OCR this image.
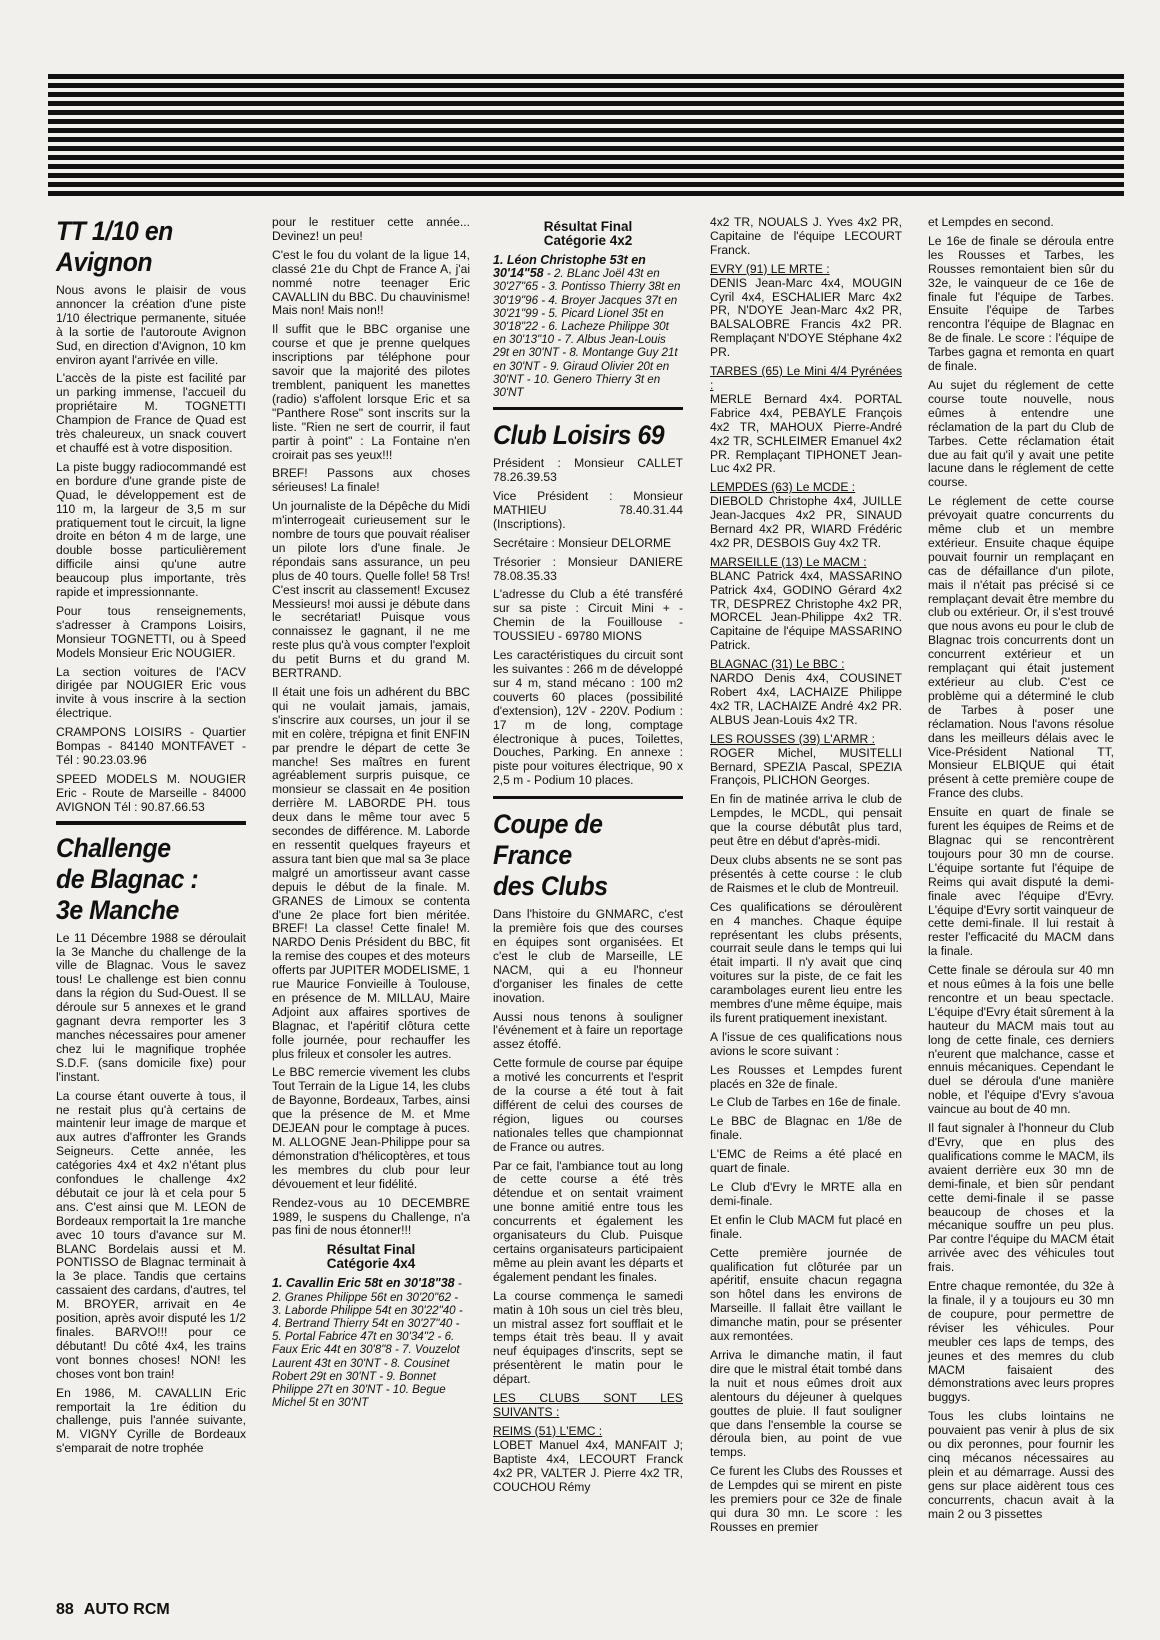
TT 1/10 en
Avignon

Nous avons le plaisir de vous annoncer la création d'une piste 1/10 électrique permanente, située à la sortie de l'autoroute Avignon Sud, en direction d'Avignon, 10 km environ ayant l'arrivée en ville.

L'accès de la piste est facilité par un parking immense, l'accueil du propriétaire M. TOGNETTI Champion de France de Quad est très chaleureux, un snack couvert et chauffé est à votre disposition.

La piste buggy radiocommandé est en bordure d'une grande piste de Quad, le développement est de 110 m, la largeur de 3,5 m sur pratiquement tout le circuit, la ligne droite en béton 4 m de large, une double bosse particulièrement difficile ainsi qu'une autre beaucoup plus importante, très rapide et impressionnante.

Pour tous renseignements, s'adresser à Crampons Loisirs, Monsieur TOGNETTI, ou à Speed Models Monsieur Eric NOUGIER.

La section voitures de l'ACV dirigée par NOUGIER Eric vous invite à vous inscrire à la section électrique.

CRAMPONS LOISIRS - Quartier Bompas - 84140 MONTFAVET - Tél : 90.23.03.96

SPEED MODELS M. NOUGIER Eric - Route de Marseille - 84000 AVIGNON Tél : 90.87.66.53

Challenge
de Blagnac :
3e Manche

Le 11 Décembre 1988 se déroulait la 3e Manche du challenge de la ville de Blagnac. Vous le savez tous! Le challenge est bien connu dans la région du Sud-Ouest. Il se déroule sur 5 annexes et le grand gagnant devra remporter les 3 manches nécessaires pour amener chez lui le magnifique trophée S.D.F. (sans domicile fixe) pour l'instant.

La course étant ouverte à tous, il ne restait plus qu'à certains de maintenir leur image de marque et aux autres d'affronter les Grands Seigneurs. Cette année, les catégories 4x4 et 4x2 n'étant plus confondues le challenge 4x2 débutait ce jour là et cela pour 5 ans. C'est ainsi que M. LEON de Bordeaux remportait la 1re manche avec 10 tours d'avance sur M. BLANC Bordelais aussi et M. PONTISSO de Blagnac terminait à la 3e place. Tandis que certains cassaient des cardans, d'autres, tel M. BROYER, arrivait en 4e position, après avoir disputé les 1/2 finales. BARVO!!! pour ce débutant! Du côté 4x4, les trains vont bonnes choses! NON! les choses vont bon train!

En 1986, M. CAVALLIN Eric remportait la 1re édition du challenge, puis l'année suivante, M. VIGNY Cyrille de Bordeaux s'emparait de notre trophée

pour le restituer cette année... Devinez! un peu!

C'est le fou du volant de la ligue 14, classé 21e du Chpt de France A, j'ai nommé notre teenager Eric CAVALLIN du BBC. Du chauvinisme! Mais non! Mais non!!

Il suffit que le BBC organise une course et que je prenne quelques inscriptions par téléphone pour savoir que la majorité des pilotes tremblent, paniquent les manettes (radio) s'affolent lorsque Eric et sa "Panthere Rose" sont inscrits sur la liste. "Rien ne sert de courrir, il faut partir à point" : La Fontaine n'en croirait pas ses yeux!!!

BREF! Passons aux choses sérieuses! La finale!

Un journaliste de la Dépêche du Midi m'interrogeait curieusement sur le nombre de tours que pouvait réaliser un pilote lors d'une finale. Je répondais sans assurance, un peu plus de 40 tours. Quelle folle! 58 Trs! C'est inscrit au classement! Excusez Messieurs! moi aussi je débute dans le secrétariat! Puisque vous connaissez le gagnant, il ne me reste plus qu'à vous compter l'exploit du petit Burns et du grand M. BERTRAND.

Il était une fois un adhérent du BBC qui ne voulait jamais, jamais, s'inscrire aux courses, un jour il se mit en colère, trépigna et finit ENFIN par prendre le départ de cette 3e manche! Ses maîtres en furent agréablement surpris puisque, ce monsieur se classait en 4e position derrière M. LABORDE PH. tous deux dans le même tour avec 5 secondes de différence. M. Laborde en ressentit quelques frayeurs et assura tant bien que mal sa 3e place malgré un amortisseur avant casse depuis le début de la finale. M. GRANES de Limoux se contenta d'une 2e place fort bien méritée. BREF! La classe! Cette finale! M. NARDO Denis Président du BBC, fit la remise des coupes et des moteurs offerts par JUPITER MODELISME, 1 rue Maurice Fonvieille à Toulouse, en présence de M. MILLAU, Maire Adjoint aux affaires sportives de Blagnac, et l'apéritif clôtura cette folle journée, pour rechauffer les plus frileux et consoler les autres.

Le BBC remercie vivement les clubs Tout Terrain de la Ligue 14, les clubs de Bayonne, Bordeaux, Tarbes, ainsi que la présence de M. et Mme DEJEAN pour le comptage à puces. M. ALLOGNE Jean-Philippe pour sa démonstration d'hélicoptères, et tous les membres du club pour leur dévouement et leur fidélité.

Rendez-vous au 10 DECEMBRE 1989, le suspens du Challenge, n'a pas fini de nous étonner!!!

Résultat Final
Catégorie 4x4
1. Cavallin Eric 58t en 30'18"38 - 2. Granes Philippe 56t en 30'20"62 - 3. Laborde Philippe 54t en 30'22"40 - 4. Bertrand Thierry 54t en 30'27"40 - 5. Portal Fabrice 47t en 30'34"2 - 6. Faux Eric 44t en 30'8"8 - 7. Vouzelot Laurent 43t en 30'NT - 8. Cousinet Robert 29t en 30'NT - 9. Bonnet Philippe 27t en 30'NT - 10. Begue Michel 5t en 30'NT
Résultat Final
Catégorie 4x2
1. Léon Christophe 53t en 30'14"58 - 2. BLanc Joël 43t en 30'27"65 - 3. Pontisso Thierry 38t en 30'19"96 - 4. Broyer Jacques 37t en 30'21"99 - 5. Picard Lionel 35t en 30'18"22 - 6. Lacheze Philippe 30t en 30'13"10 - 7. Albus Jean-Louis 29t en 30'NT - 8. Montange Guy 21t en 30'NT - 9. Giraud Olivier 20t en 30'NT - 10. Genero Thierry 3t en 30'NT
Club Loisirs 69

Président : Monsieur CALLET 78.26.39.53

Vice Président : Monsieur MATHIEU 78.40.31.44 (Inscriptions).

Secrétaire : Monsieur DELORME

Trésorier : Monsieur DANIERE 78.08.35.33

L'adresse du Club a été transféré sur sa piste : Circuit Mini + - Chemin de la Fouillouse - TOUSSIEU - 69780 MIONS

Les caractéristiques du circuit sont les suivantes : 266 m de développé sur 4 m, stand mécano : 100 m2 couverts 60 places (possibilité d'extension), 12V - 220V. Podium : 17 m de long, comptage électronique à puces, Toilettes, Douches, Parking. En annexe : piste pour voitures électrique, 90 x 2,5 m - Podium 10 places.

Coupe de
France
des Clubs

Dans l'histoire du GNMARC, c'est la première fois que des courses en équipes sont organisées. Et c'est le club de Marseille, LE NACM, qui a eu l'honneur d'organiser les finales de cette inovation.

Aussi nous tenons à souligner l'événement et à faire un reportage assez étoffé.

Cette formule de course par équipe a motivé les concurrents et l'esprit de la course a été tout à fait différent de celui des courses de région, ligues ou courses nationales telles que championnat de France ou autres.

Par ce fait, l'ambiance tout au long de cette course a été très détendue et on sentait vraiment une bonne amitié entre tous les concurrents et également les organisateurs du Club. Puisque certains organisateurs participaient même au plein avant les départs et également pendant les finales.

La course commença le samedi matin à 10h sous un ciel très bleu, un mistral assez fort soufflait et le temps était très beau. Il y avait neuf équipages d'inscrits, sept se présentèrent le matin pour le départ.

LES CLUBS SONT LES SUIVANTS :

REIMS (51) L'EMC :

LOBET Manuel 4x4, MANFAIT J; Baptiste 4x4, LECOURT Franck 4x2 PR, VALTER J. Pierre 4x2 TR, COUCHOU Rémy

4x2 TR, NOUALS J. Yves 4x2 PR, Capitaine de l'équipe LECOURT Franck.

EVRY (91) LE MRTE :

DENIS Jean-Marc 4x4, MOUGIN Cyril 4x4, ESCHALIER Marc 4x2 PR, N'DOYE Jean-Marc 4x2 PR, BALSALOBRE Francis 4x2 PR. Remplaçant N'DOYE Stéphane 4x2 PR.

TARBES (65) Le Mini 4/4 Pyrénées :

MERLE Bernard 4x4. PORTAL Fabrice 4x4, PEBAYLE François 4x2 TR, MAHOUX Pierre-André 4x2 TR, SCHLEIMER Emanuel 4x2 PR. Remplaçant TIPHONET Jean-Luc 4x2 PR.

LEMPDES (63) Le MCDE :

DIEBOLD Christophe 4x4, JUILLE Jean-Jacques 4x2 PR, SINAUD Bernard 4x2 PR, WIARD Frédéric 4x2 PR, DESBOIS Guy 4x2 TR.

MARSEILLE (13) Le MACM :

BLANC Patrick 4x4, MASSARINO Patrick 4x4, GODINO Gérard 4x2 TR, DESPREZ Christophe 4x2 PR, MORCEL Jean-Philippe 4x2 TR. Capitaine de l'équipe MASSARINO Patrick.

BLAGNAC (31) Le BBC :

NARDO Denis 4x4, COUSINET Robert 4x4, LACHAIZE Philippe 4x2 TR, LACHAIZE André 4x2 PR. ALBUS Jean-Louis 4x2 TR.

LES ROUSSES (39) L'ARMR :

ROGER Michel, MUSITELLI Bernard, SPEZIA Pascal, SPEZIA François, PLICHON Georges.

En fin de matinée arriva le club de Lempdes, le MCDL, qui pensait que la course débutât plus tard, peut être en début d'après-midi.

Deux clubs absents ne se sont pas présentés à cette course : le club de Raismes et le club de Montreuil.

Ces qualifications se déroulèrent en 4 manches. Chaque équipe représentant les clubs présents, courrait seule dans le temps qui lui était imparti. Il n'y avait que cinq voitures sur la piste, de ce fait les carambolages eurent lieu entre les membres d'une même équipe, mais ils furent pratiquement inexistant.

A l'issue de ces qualifications nous avions le score suivant :

Les Rousses et Lempdes furent placés en 32e de finale.

Le Club de Tarbes en 16e de finale.

Le BBC de Blagnac en 1/8e de finale.

L'EMC de Reims a été placé en quart de finale.

Le Club d'Evry le MRTE alla en demi-finale.

Et enfin le Club MACM fut placé en finale.

Cette première journée de qualification fut clôturée par un apéritif, ensuite chacun regagna son hôtel dans les environs de Marseille. Il fallait être vaillant le dimanche matin, pour se présenter aux remontées.

Arriva le dimanche matin, il faut dire que le mistral était tombé dans la nuit et nous eûmes droit aux alentours du déjeuner à quelques gouttes de pluie. Il faut souligner que dans l'ensemble la course se déroula bien, au point de vue temps.

Ce furent les Clubs des Rousses et de Lempdes qui se mirent en piste les premiers pour ce 32e de finale qui dura 30 mn. Le score : les Rousses en premier

et Lempdes en second.

Le 16e de finale se déroula entre les Rousses et Tarbes, les Rousses remontaient bien sûr du 32e, le vainqueur de ce 16e de finale fut l'équipe de Tarbes. Ensuite l'équipe de Tarbes rencontra l'équipe de Blagnac en 8e de finale. Le score : l'équipe de Tarbes gagna et remonta en quart de finale.

Au sujet du réglement de cette course toute nouvelle, nous eûmes à entendre une réclamation de la part du Club de Tarbes. Cette réclamation était due au fait qu'il y avait une petite lacune dans le réglement de cette course.

Le réglement de cette course prévoyait quatre concurrents du même club et un membre extérieur. Ensuite chaque équipe pouvait fournir un remplaçant en cas de défaillance d'un pilote, mais il n'était pas précisé si ce remplaçant devait être membre du club ou extérieur. Or, il s'est trouvé que nous avons eu pour le club de Blagnac trois concurrents dont un concurrent extérieur et un remplaçant qui était justement extérieur au club. C'est ce problème qui a déterminé le club de Tarbes à poser une réclamation. Nous l'avons résolue dans les meilleurs délais avec le Vice-Président National TT, Monsieur ELBIQUE qui était présent à cette première coupe de France des clubs.

Ensuite en quart de finale se furent les équipes de Reims et de Blagnac qui se rencontrèrent toujours pour 30 mn de course. L'équipe sortante fut l'équipe de Reims qui avait disputé la demi-finale avec l'équipe d'Evry. L'équipe d'Evry sortit vainqueur de cette demi-finale. Il lui restait à rester l'efficacité du MACM dans la finale.

Cette finale se déroula sur 40 mn et nous eûmes à la fois une belle rencontre et un beau spectacle. L'équipe d'Evry était sûrement à la hauteur du MACM mais tout au long de cette finale, ces derniers n'eurent que malchance, casse et ennuis mécaniques. Cependant le duel se déroula d'une manière noble, et l'équipe d'Evry s'avoua vaincue au bout de 40 mn.

Il faut signaler à l'honneur du Club d'Evry, que en plus des qualifications comme le MACM, ils avaient derrière eux 30 mn de demi-finale, et bien sûr pendant cette demi-finale il se passe beaucoup de choses et la mécanique souffre un peu plus. Par contre l'équipe du MACM était arrivée avec des véhicules tout frais.

Entre chaque remontée, du 32e à la finale, il y a toujours eu 30 mn de coupure, pour permettre de réviser les véhicules. Pour meubler ces laps de temps, des jeunes et des memres du club MACM faisaient des démonstrations avec leurs propres buggys.

Tous les clubs lointains ne pouvaient pas venir à plus de six ou dix peronnes, pour fournir les cinq mécanos nécessaires au plein et au démarrage. Aussi des gens sur place aidèrent tous ces concurrents, chacun avait à la main 2 ou 3 pissettes

88 AUTO RCM
